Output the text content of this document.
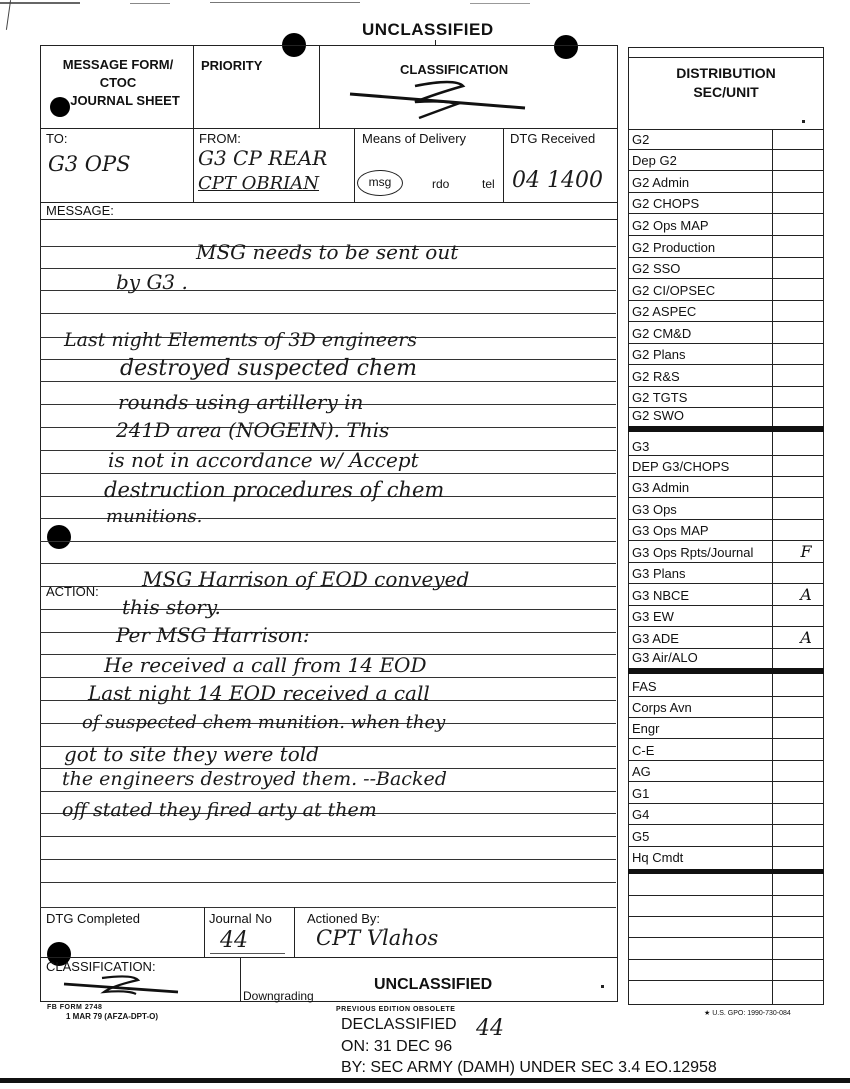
UNCLASSIFIED
MESSAGE FORM/
CTOC
JOURNAL SHEET
PRIORITY	CLASSIFICATION
TO:
G3 OPS
FROM:
G3 CP REAR
CPT OBRIAN
Means of Delivery
msg	rdo	tel
DTG Received
04 1400
MESSAGE:
MSG needs to be sent out
by G3 .
Last night Elements of 3D engineers
destroyed suspected chem
rounds using artillery in
241D area (NOGEIN). This
is not in accordance w/ Accept
destruction procedures of chem
munitions.
ACTION:
MSG Harrison of EOD conveyed
this story.
Per MSG Harrison:
He received a call from 14 EOD
Last night 14 EOD received a call
of suspected chem munition. when they
got to site they were told
the engineers destroyed them. --Backed
off stated they fired arty at them
DTG Completed	Journal No
44
Actioned By:
CPT Vlahos
CLASSIFICATION:
Downgrading
UNCLASSIFIED
DISTRIBUTION
SEC/UNIT
G2
Dep G2
G2 Admin
G2 CHOPS
G2 Ops MAP
G2 Production
G2 SSO
G2 CI/OPSEC
G2 ASPEC
G2 CM&D
G2 Plans
G2 R&S
G2 TGTS
G2 SWO
G3
DEP G3/CHOPS
G3 Admin
G3 Ops
G3 Ops MAP
G3 Ops Rpts/Journal	F
G3 Plans
G3 NBCE	A
G3 EW
G3 ADE	A
G3 Air/ALO
FAS
Corps Avn
Engr
C-E
AG
G1
G4
G5
Hq Cmdt
FB FORM 2748
1 MAR 79 (AFZA-DPT-O)
PREVIOUS EDITION OBSOLETE
★ U.S. GPO: 1990-730-084
DECLASSIFIED 44
ON: 31 DEC 96
BY: SEC ARMY (DAMH) UNDER SEC 3.4 EO.12958
